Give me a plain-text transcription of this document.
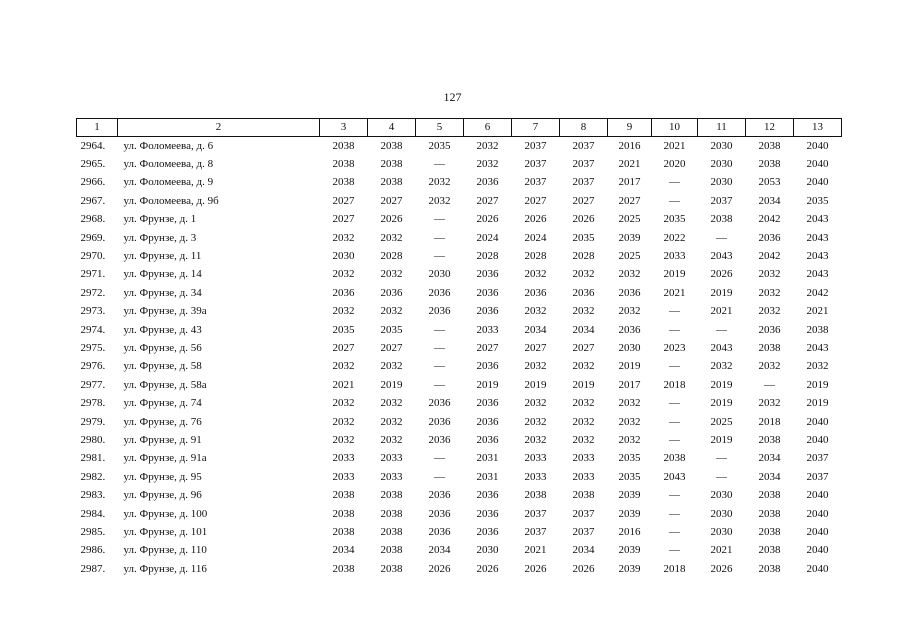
127
1	2	3	4	5	6	7	8	9	10	11	12	13
2964.	ул. Фоломеева, д. 6	2038	2038	2035	2032	2037	2037	2016	2021	2030	2038	2040
2965.	ул. Фоломеева, д. 8	2038	2038	—	2032	2037	2037	2021	2020	2030	2038	2040
2966.	ул. Фоломеева, д. 9	2038	2038	2032	2036	2037	2037	2017	—	2030	2053	2040
2967.	ул. Фоломеева, д. 9б	2027	2027	2032	2027	2027	2027	2027	—	2037	2034	2035
2968.	ул. Фрунзе, д. 1	2027	2026	—	2026	2026	2026	2025	2035	2038	2042	2043
2969.	ул. Фрунзе, д. 3	2032	2032	—	2024	2024	2035	2039	2022	—	2036	2043
2970.	ул. Фрунзе, д. 11	2030	2028	—	2028	2028	2028	2025	2033	2043	2042	2043
2971.	ул. Фрунзе, д. 14	2032	2032	2030	2036	2032	2032	2032	2019	2026	2032	2043
2972.	ул. Фрунзе, д. 34	2036	2036	2036	2036	2036	2036	2036	2021	2019	2032	2042
2973.	ул. Фрунзе, д. 39а	2032	2032	2036	2036	2032	2032	2032	—	2021	2032	2021
2974.	ул. Фрунзе, д. 43	2035	2035	—	2033	2034	2034	2036	—	—	2036	2038
2975.	ул. Фрунзе, д. 56	2027	2027	—	2027	2027	2027	2030	2023	2043	2038	2043
2976.	ул. Фрунзе, д. 58	2032	2032	—	2036	2032	2032	2019	—	2032	2032	2032
2977.	ул. Фрунзе, д. 58а	2021	2019	—	2019	2019	2019	2017	2018	2019	—	2019
2978.	ул. Фрунзе, д. 74	2032	2032	2036	2036	2032	2032	2032	—	2019	2032	2019
2979.	ул. Фрунзе, д. 76	2032	2032	2036	2036	2032	2032	2032	—	2025	2018	2040
2980.	ул. Фрунзе, д. 91	2032	2032	2036	2036	2032	2032	2032	—	2019	2038	2040
2981.	ул. Фрунзе, д. 91а	2033	2033	—	2031	2033	2033	2035	2038	—	2034	2037
2982.	ул. Фрунзе, д. 95	2033	2033	—	2031	2033	2033	2035	2043	—	2034	2037
2983.	ул. Фрунзе, д. 96	2038	2038	2036	2036	2038	2038	2039	—	2030	2038	2040
2984.	ул. Фрунзе, д. 100	2038	2038	2036	2036	2037	2037	2039	—	2030	2038	2040
2985.	ул. Фрунзе, д. 101	2038	2038	2036	2036	2037	2037	2016	—	2030	2038	2040
2986.	ул. Фрунзе, д. 110	2034	2038	2034	2030	2021	2034	2039	—	2021	2038	2040
2987.	ул. Фрунзе, д. 116	2038	2038	2026	2026	2026	2026	2039	2018	2026	2038	2040
